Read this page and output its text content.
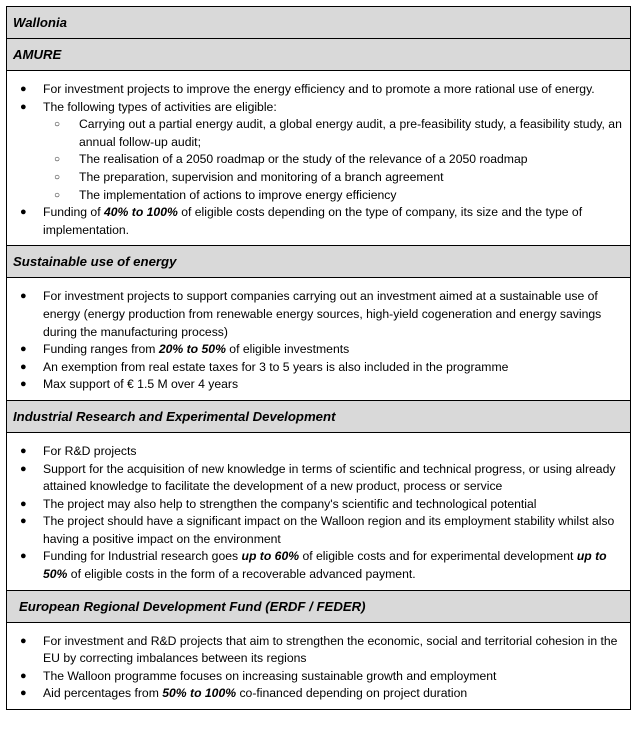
Wallonia
AMURE
● For investment projects to improve the energy efficiency and to promote a more rational use of energy.
● The following types of activities are eligible:
○ Carrying out a partial energy audit, a global energy audit, a pre-feasibility study, a feasibility study, an annual follow-up audit;
○ The realisation of a 2050 roadmap or the study of the relevance of a 2050 roadmap
○ The preparation, supervision and monitoring of a branch agreement
○ The implementation of actions to improve energy efficiency
● Funding of 40% to 100% of eligible costs depending on the type of company, its size and the type of implementation.
Sustainable use of energy
● For investment projects to support companies carrying out an investment aimed at a sustainable use of energy (energy production from renewable energy sources, high-yield cogeneration and energy savings during the manufacturing process)
● Funding ranges from 20% to 50% of eligible investments
● An exemption from real estate taxes for 3 to 5 years is also included in the programme
● Max support of € 1.5 M over 4 years
Industrial Research and Experimental Development
● For R&D projects
● Support for the acquisition of new knowledge in terms of scientific and technical progress, or using already attained knowledge to facilitate the development of a new product, process or service
● The project may also help to strengthen the company's scientific and technological potential
● The project should have a significant impact on the Walloon region and its employment stability whilst also having a positive impact on the environment
● Funding for Industrial research goes up to 60% of eligible costs and for experimental development up to 50% of eligible costs in the form of a recoverable advanced payment.
European Regional Development Fund (ERDF / FEDER)
● For investment and R&D projects that aim to strengthen the economic, social and territorial cohesion in the EU by correcting imbalances between its regions
● The Walloon programme focuses on increasing sustainable growth and employment
● Aid percentages from 50% to 100% co-financed depending on project duration
